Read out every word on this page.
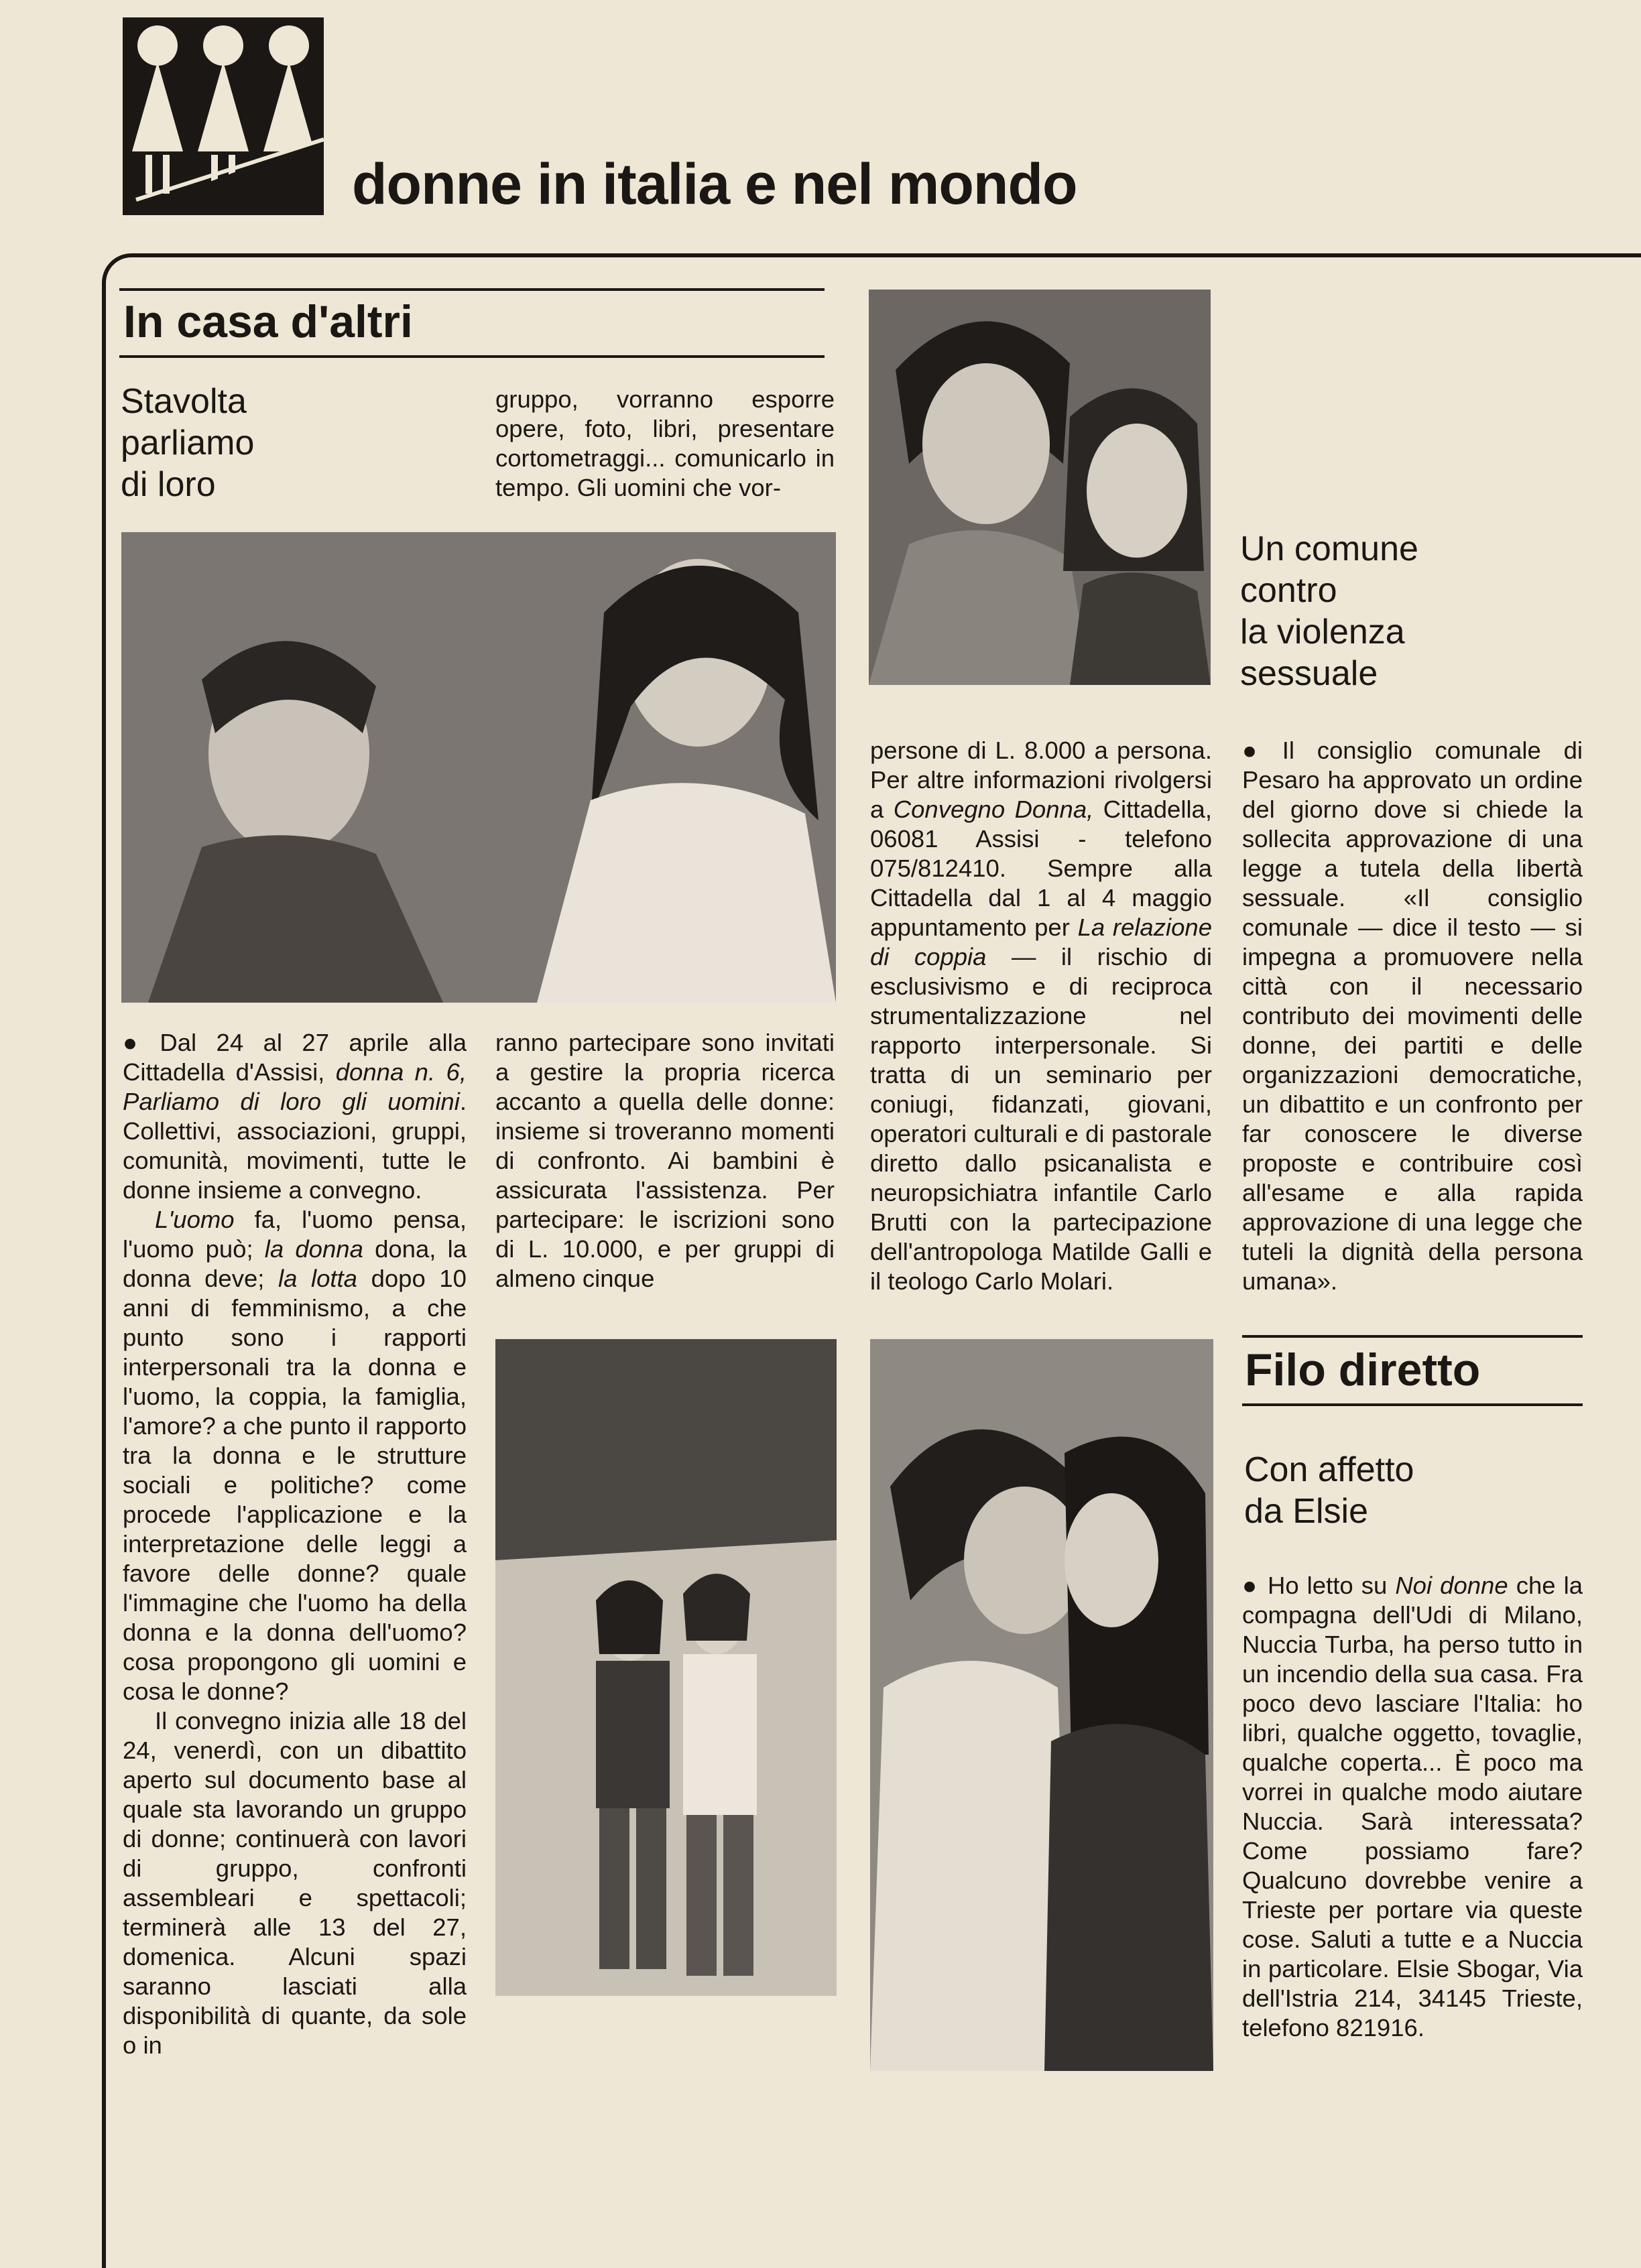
donne in italia e nel mondo
In casa d'altri
Stavolta
parliamo
di loro

gruppo, vorranno esporre opere, foto, libri, presentare cortometraggi... comunicarlo in tempo. Gli uomini che vor-

● Dal 24 al 27 aprile alla Cittadella d'Assisi, donna n. 6, Parliamo di loro gli uomini. Collettivi, associazioni, gruppi, comunità, movimenti, tutte le donne insieme a convegno.

L'uomo fa, l'uomo pensa, l'uomo può; la donna dona, la donna deve; la lotta dopo 10 anni di femminismo, a che punto sono i rapporti interpersonali tra la donna e l'uomo, la coppia, la famiglia, l'amore? a che punto il rapporto tra la donna e le strutture sociali e politiche? come procede l'applicazione e la interpretazione delle leggi a favore delle donne? quale l'immagine che l'uomo ha della donna e la donna dell'uomo? cosa propongono gli uomini e cosa le donne?

Il convegno inizia alle 18 del 24, venerdì, con un dibattito aperto sul documento base al quale sta lavorando un gruppo di donne; continuerà con lavori di gruppo, confronti assembleari e spettacoli; terminerà alle 13 del 27, domenica. Alcuni spazi saranno lasciati alla disponibilità di quante, da sole o in

ranno partecipare sono invitati a gestire la propria ricerca accanto a quella delle donne: insieme si troveranno momenti di confronto. Ai bambini è assicurata l'assistenza. Per partecipare: le iscrizioni sono di L. 10.000, e per gruppi di almeno cinque

persone di L. 8.000 a persona. Per altre informazioni rivolgersi a Convegno Donna, Cittadella, 06081 Assisi - telefono 075/812410. Sempre alla Cittadella dal 1 al 4 maggio appuntamento per La relazione di coppia — il rischio di esclusivismo e di reciproca strumentalizzazione nel rapporto interpersonale. Si tratta di un seminario per coniugi, fidanzati, giovani, operatori culturali e di pastorale diretto dallo psicanalista e neuropsichiatra infantile Carlo Brutti con la partecipazione dell'antropologa Matilde Galli e il teologo Carlo Molari.

Un comune
contro
la violenza
sessuale

● Il consiglio comunale di Pesaro ha approvato un ordine del giorno dove si chiede la sollecita approvazione di una legge a tutela della libertà sessuale. «Il consiglio comunale — dice il testo — si impegna a promuovere nella città con il necessario contributo dei movimenti delle donne, dei partiti e delle organizzazioni democratiche, un dibattito e un confronto per far conoscere le diverse proposte e contribuire così all'esame e alla rapida approvazione di una legge che tuteli la dignità della persona umana».

Filo diretto
Con affetto
da Elsie

● Ho letto su Noi donne che la compagna dell'Udi di Milano, Nuccia Turba, ha perso tutto in un incendio della sua casa. Fra poco devo lasciare l'Italia: ho libri, qualche oggetto, tovaglie, qualche coperta... È poco ma vorrei in qualche modo aiutare Nuccia. Sarà interessata? Come possiamo fare? Qualcuno dovrebbe venire a Trieste per portare via queste cose. Saluti a tutte e a Nuccia in particolare. Elsie Sbogar, Via dell'Istria 214, 34145 Trieste, telefono 821916.
